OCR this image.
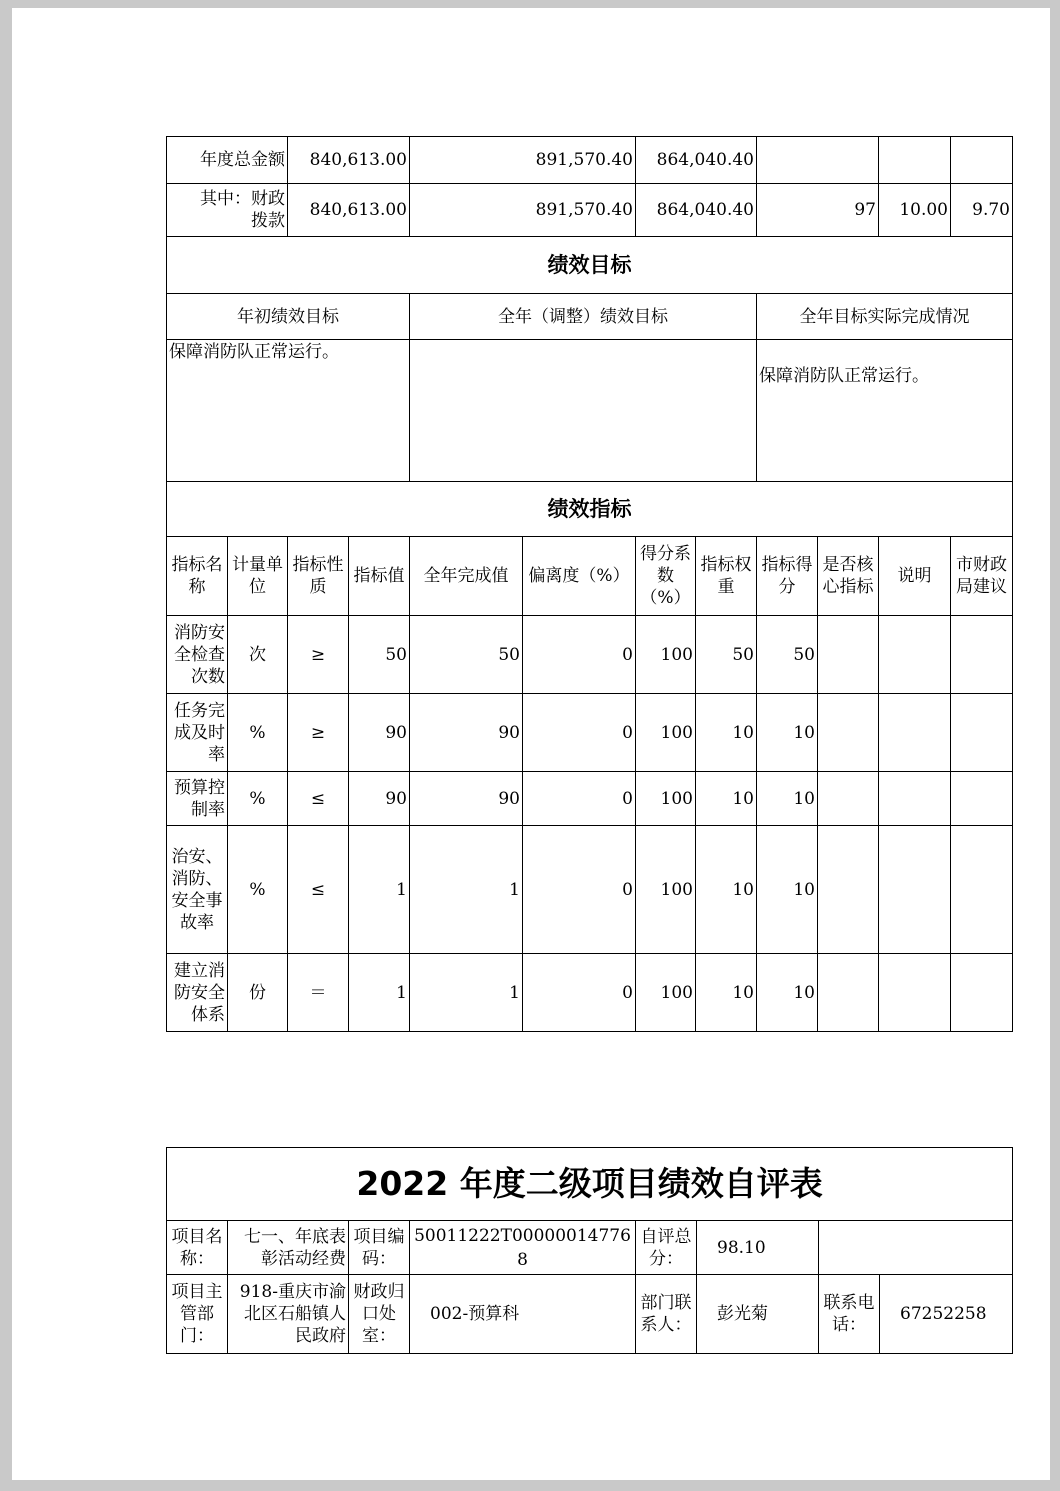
年度总金额		840,613.00		891,570.40		864,040.40					
其中：财政拨款		840,613.00		891,570.40		864,040.40		97		10.00	9.70
绩效目标											
年初绩效目标				全年（调整）绩效目标				全年目标实际完成情况			
保障消防队正常运行。								保障消防队正常运行。			
绩效指标											
指标名称	计量单位	指标性质	指标值	全年完成值	偏离度（%）	得分系数（%）	指标权重	指标得分	是否核心指标	说明	市财政局建议
消防安全检查次数	次	≥	50	50	0	100	50	50			
任务完成及时率	%	≥	90	90	0	100	10	10			
预算控制率	%	≤	90	90	0	100	10	10			
治安、消防、安全事故率	%	≤	1	1	0	100	10	10			
建立消防安全体系	份	＝	1	1	0	100	10	10			
2022 年度二级项目绩效自评表							
项目名称：	七一、年底表彰活动经费	项目编码：	50011222T000000147768	自评总分：	98.10		
项目主管部门：	918-重庆市渝北区石船镇人民政府	财政归口处室：	002-预算科	部门联系人：	彭光菊	联系电话：	67252258
